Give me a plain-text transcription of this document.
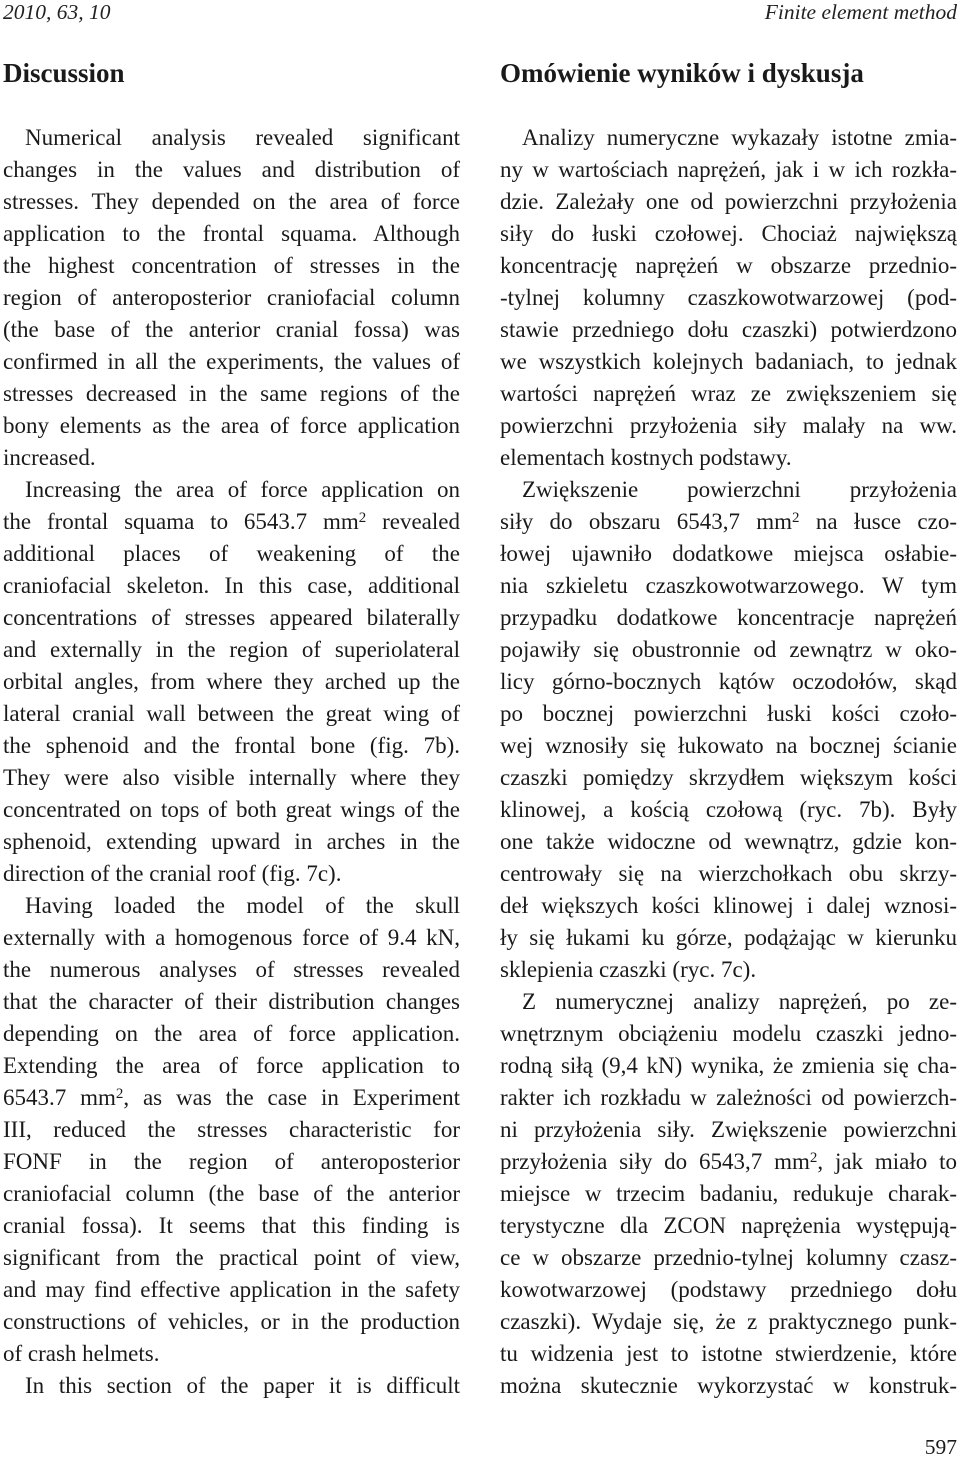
2010, 63, 10	Finite element method
Discussion	Omówienie wyników i dyskusja
Numerical analysis revealed significant
changes in the values and distribution of
stresses. They depended on the area of force
application to the frontal squama. Although
the highest concentration of stresses in the
region of anteroposterior craniofacial column
(the base of the anterior cranial fossa) was
confirmed in all the experiments, the values of
stresses decreased in the same regions of the
bony elements as the area of force application
increased.
Increasing the area of force application on
the frontal squama to 6543.7 $mm^2$ revealed
additional places of weakening of the
craniofacial skeleton. In this case, additional
concentrations of stresses appeared bilaterally
and externally in the region of superiolateral
orbital angles, from where they arched up the
lateral cranial wall between the great wing of
the sphenoid and the frontal bone (fig. 7b).
They were also visible internally where they
concentrated on tops of both great wings of the
sphenoid, extending upward in arches in the
direction of the cranial roof (fig. 7c).
Having loaded the model of the skull
externally with a homogenous force of 9.4 kN,
the numerous analyses of stresses revealed
that the character of their distribution changes
depending on the area of force application.
Extending the area of force application to
6543.7 $mm^2$, as was the case in Experiment
III, reduced the stresses characteristic for
FONF in the region of anteroposterior
craniofacial column (the base of the anterior
cranial fossa). It seems that this finding is
significant from the practical point of view,
and may find effective application in the safety
constructions of vehicles, or in the production
of crash helmets.
In this section of the paper it is difficult
Analizy numeryczne wykazały istotne zmia-
ny w wartościach naprężeń, jak i w ich rozkła-
dzie. Zależały one od powierzchni przyłożenia
siły do łuski czołowej. Chociaż największą
koncentrację naprężeń w obszarze przednio-
-tylnej kolumny czaszkowotwarzowej (pod-
stawie przedniego dołu czaszki) potwierdzono
we wszystkich kolejnych badaniach, to jednak
wartości naprężeń wraz ze zwiększeniem się
powierzchni przyłożenia siły malały na ww.
elementach kostnych podstawy.
Zwiększenie powierzchni przyłożenia
siły do obszaru 6543,7 $mm^2$ na łusce czo-
łowej ujawniło dodatkowe miejsca osłabie-
nia szkieletu czaszkowotwarzowego. W tym
przypadku dodatkowe koncentracje naprężeń
pojawiły się obustronnie od zewnątrz w oko-
licy górno-bocznych kątów oczodołów, skąd
po bocznej powierzchni łuski kości czoło-
wej wznosiły się łukowato na bocznej ścianie
czaszki pomiędzy skrzydłem większym kości
klinowej, a kością czołową (ryc. 7b). Były
one także widoczne od wewnątrz, gdzie kon-
centrowały się na wierzchołkach obu skrzy-
deł większych kości klinowej i dalej wznosi-
ły się łukami ku górze, podążając w kierunku
sklepienia czaszki (ryc. 7c).
Z numerycznej analizy naprężeń, po ze-
wnętrznym obciążeniu modelu czaszki jedno-
rodną siłą (9,4 kN) wynika, że zmienia się cha-
rakter ich rozkładu w zależności od powierzch-
ni przyłożenia siły. Zwiększenie powierzchni
przyłożenia siły do 6543,7 $mm^2$, jak miało to
miejsce w trzecim badaniu, redukuje charak-
terystyczne dla ZCON naprężenia występują-
ce w obszarze przednio-tylnej kolumny czasz-
kowotwarzowej (podstawy przedniego dołu
czaszki). Wydaje się, że z praktycznego punk-
tu widzenia jest to istotne stwierdzenie, które
można skutecznie wykorzystać w konstruk-
597
